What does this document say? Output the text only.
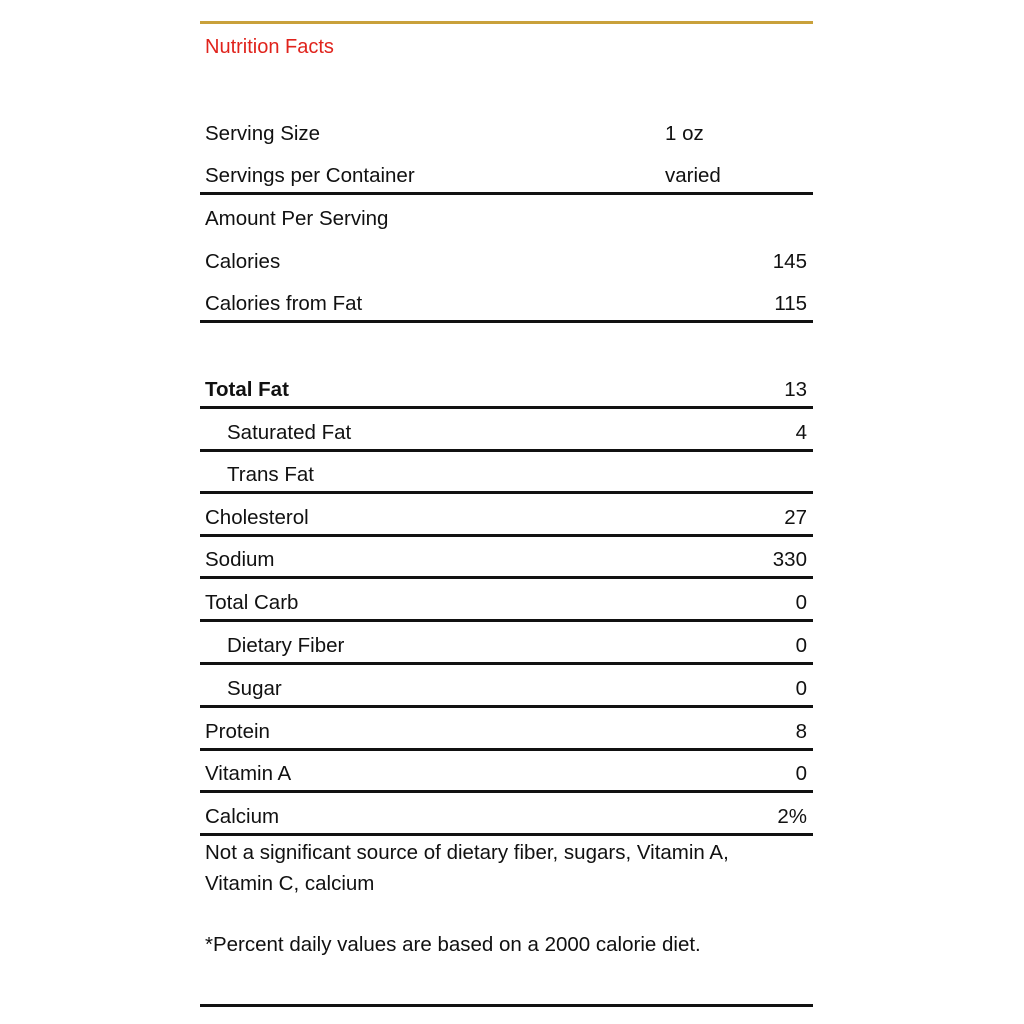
Nutrition Facts
Serving Size	1 oz
Servings per Container	varied
Amount Per Serving
Calories	145
Calories from Fat	115
Total Fat	13
Saturated Fat	4
Trans Fat
Cholesterol	27
Sodium	330
Total Carb	0
Dietary Fiber	0
Sugar	0
Protein	8
Vitamin A	0
Calcium	2%
Not a significant source of dietary fiber, sugars, Vitamin A, Vitamin C, calcium
*Percent daily values are based on a 2000 calorie diet.
